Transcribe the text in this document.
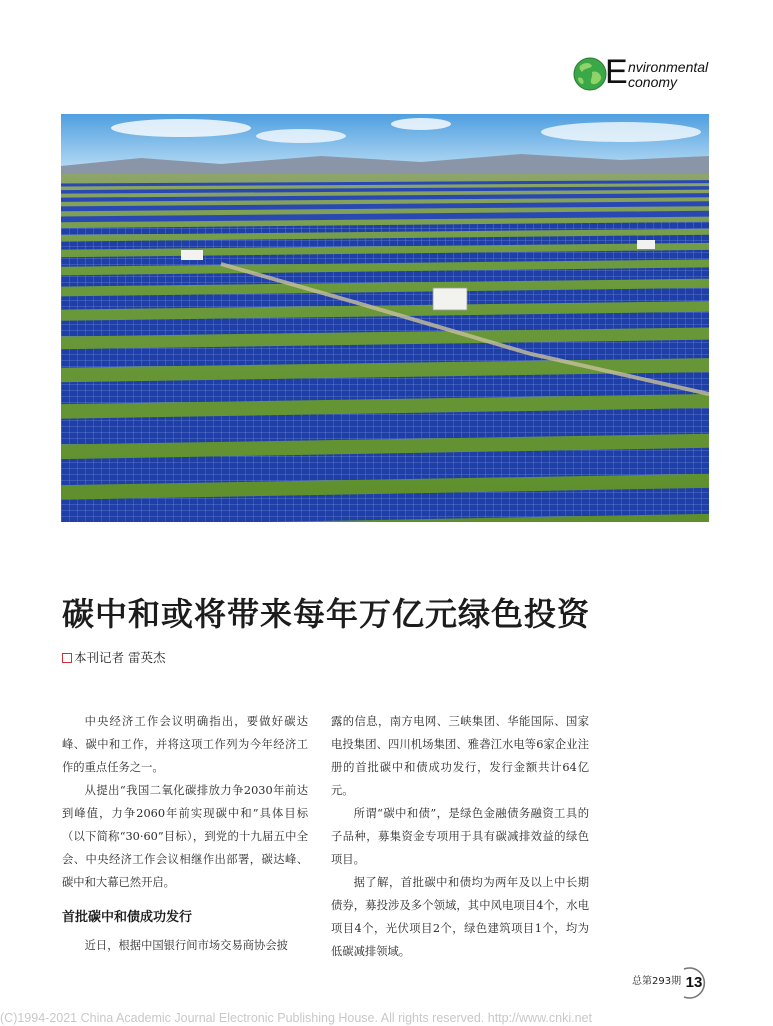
E nvironmental
conomy
碳中和或将带来每年万亿元绿色投资
本刊记者 雷英杰

中央经济工作会议明确指出，要做好碳达峰、碳中和工作，并将这项工作列为今年经济工作的重点任务之一。

从提出“我国二氧化碳排放力争2030年前达到峰值，力争2060年前实现碳中和”具体目标（以下简称“30·60”目标），到党的十九届五中全会、中央经济工作会议相继作出部署，碳达峰、碳中和大幕已然开启。

首批碳中和债成功发行

近日，根据中国银行间市场交易商协会披

露的信息，南方电网、三峡集团、华能国际、国家电投集团、四川机场集团、雅砻江水电等6家企业注册的首批碳中和债成功发行，发行金额共计64亿元。

所谓“碳中和债”，是绿色金融债务融资工具的子品种，募集资金专项用于具有碳减排效益的绿色项目。

据了解，首批碳中和债均为两年及以上中长期债券，募投涉及多个领域，其中风电项目4个，水电项目4个，光伏项目2个，绿色建筑项目1个，均为低碳减排领域。

总第293期 13
(C)1994-2021 China Academic Journal Electronic Publishing House. All rights reserved. http://www.cnki.net
